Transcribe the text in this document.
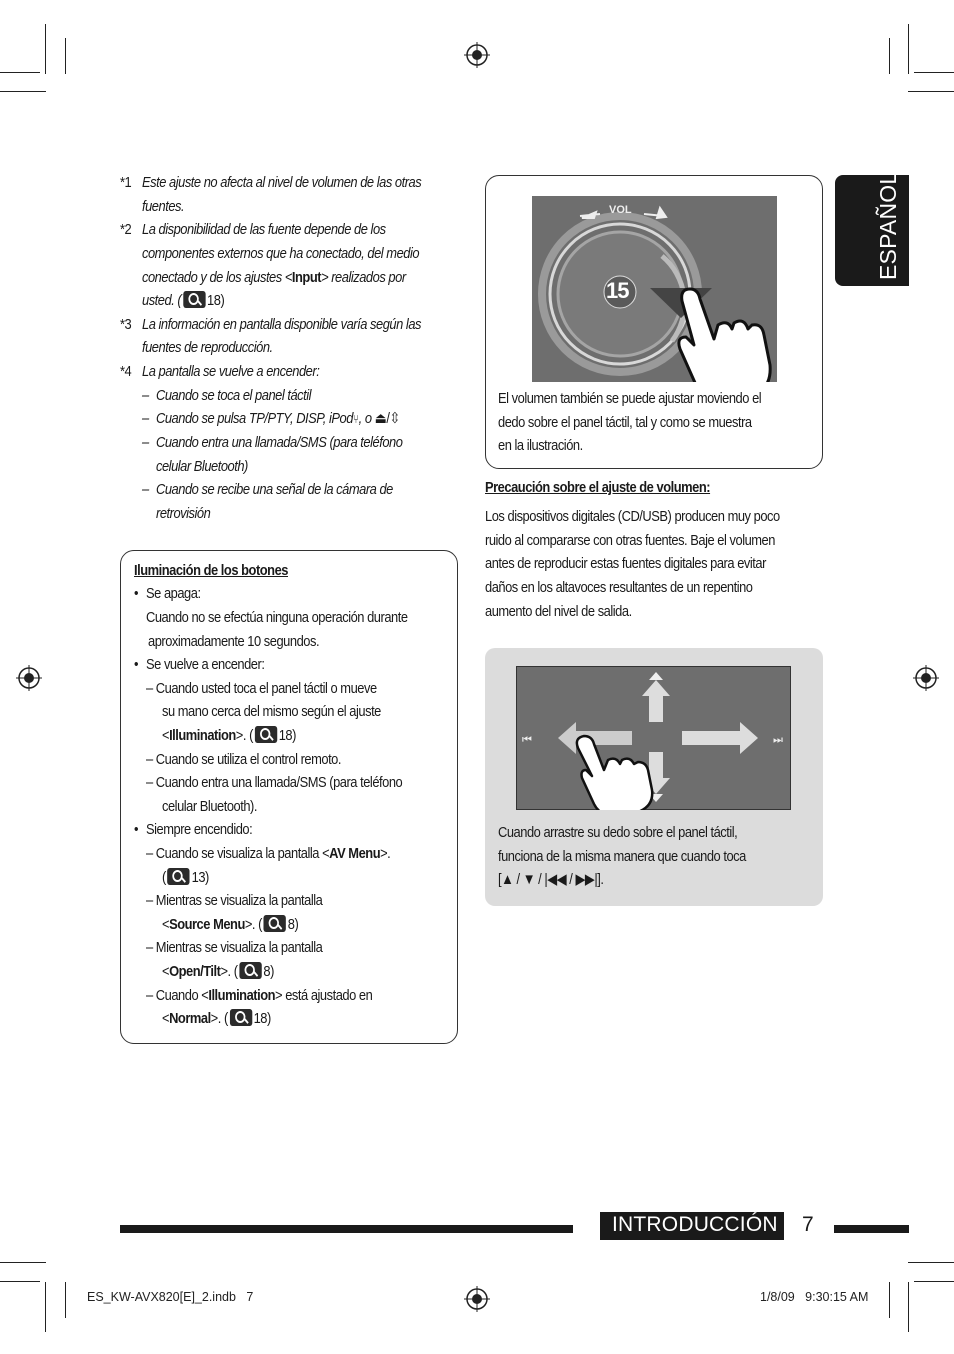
ESPAÑOL
*1 Este ajuste no afecta al nivel de volumen de las otras
fuentes.
*2 La disponibilidad de las fuente depende de los
componentes externos que ha conectado, del medio
conectado y de los ajustes <Input> realizados por
usted. ( 18)
*3 La información en pantalla disponible varía según las
fuentes de reproducción.
*4 La pantalla se vuelve a encender:
– Cuando se toca el panel táctil
– Cuando se pulsa TP/PTY, DISP, iPod⑂, o ⏏/⇳
– Cuando entra una llamada/SMS (para teléfono
celular Bluetooth)
– Cuando se recibe una señal de la cámara de
retrovisión
Iluminación de los botones
• Se apaga:
Cuando no se efectúa ninguna operación durante
aproximadamente 10 segundos.
• Se vuelve a encender:
– Cuando usted toca el panel táctil o mueve
su mano cerca del mismo según el ajuste
<Illumination>. ( 18)
– Cuando se utiliza el control remoto.
– Cuando entra una llamada/SMS (para teléfono
celular Bluetooth).
• Siempre encendido:
– Cuando se visualiza la pantalla <AV Menu>.
( 13)
– Mientras se visualiza la pantalla
<Source Menu>. ( 8)
– Mientras se visualiza la pantalla
<Open/Tilt>. ( 8)
– Cuando <Illumination> está ajustado en
<Normal>. ( 18)
VOL
15
El volumen también se puede ajustar moviendo el
dedo sobre el panel táctil, tal y como se muestra
en la ilustración.
Precaución sobre el ajuste de volumen:
Los dispositivos digitales (CD/USB) producen muy poco
ruido al compararse con otras fuentes. Baje el volumen
antes de reproducir estas fuentes digitales para evitar
daños en los altavoces resultantes de un repentino
aumento del nivel de salida.
⏮	⏭
Cuando arrastre su dedo sobre el panel táctil,
funciona de la misma manera que cuando toca
[▲ / ▼ / |◀◀ / ▶▶|].
INTRODUCCIÓN 7
ES_KW-AVX820[E]_2.indb   7	1/8/09   9:30:15 AM
